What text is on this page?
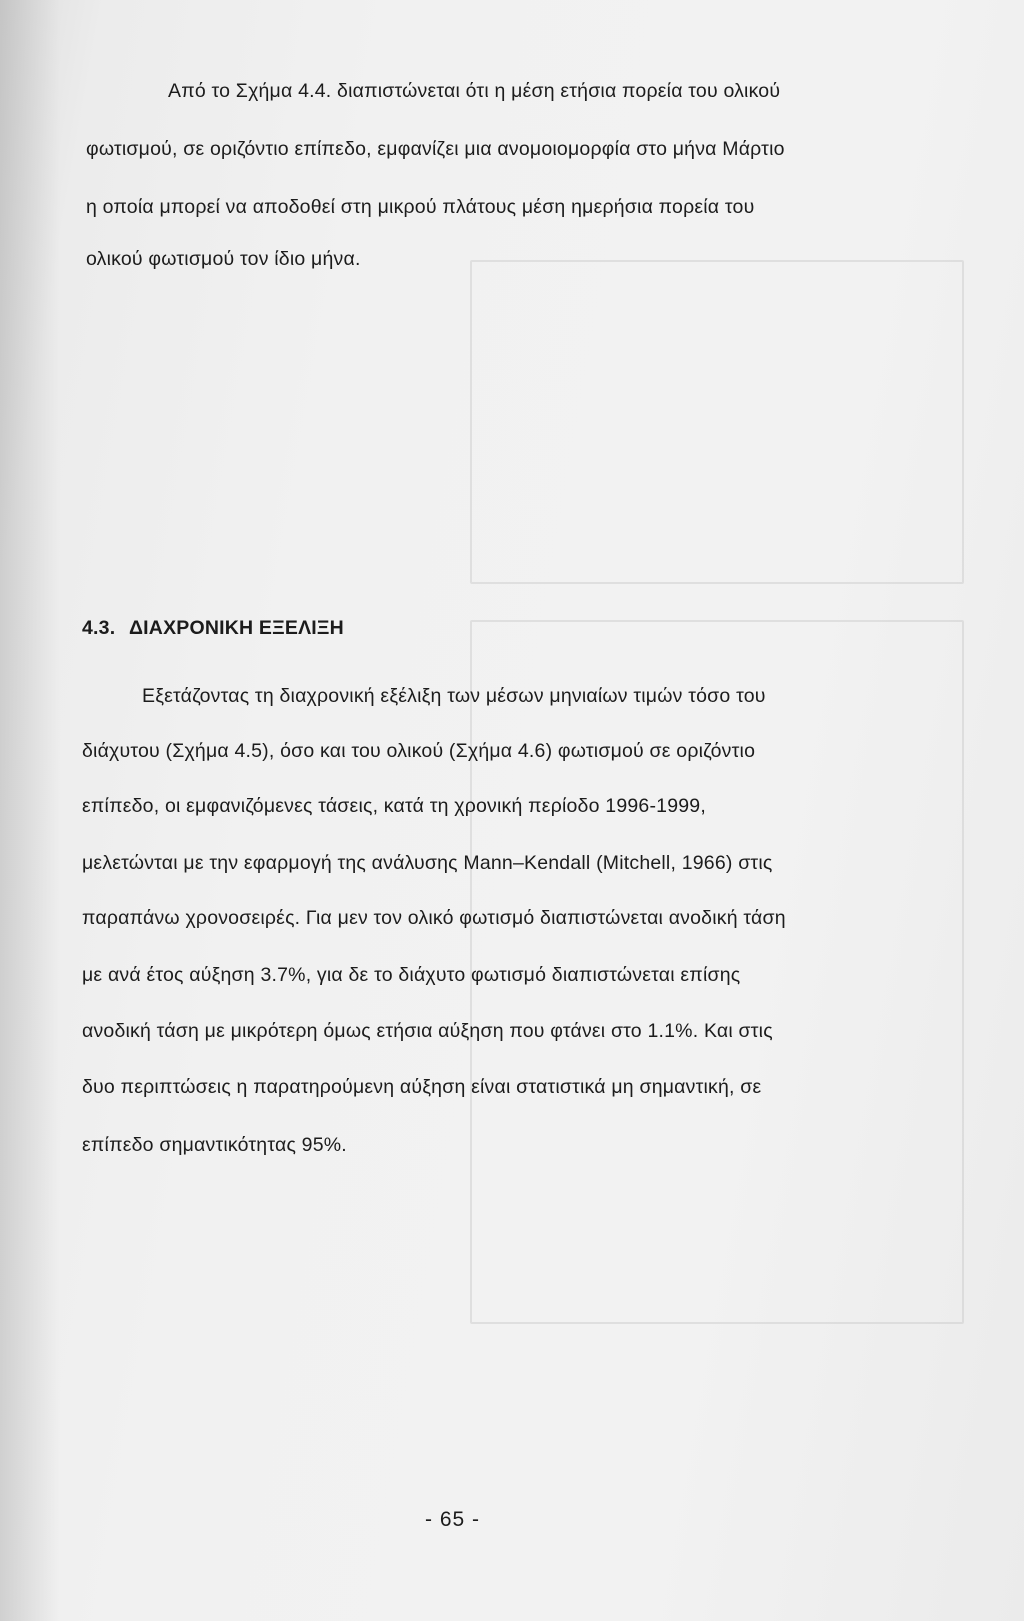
Από το Σχήμα 4.4. διαπιστώνεται ότι η μέση ετήσια πορεία του ολικού
φωτισμού, σε οριζόντιο επίπεδο, εμφανίζει μια ανομοιομορφία στο μήνα Μάρτιο
η οποία μπορεί να αποδοθεί στη μικρού πλάτους μέση ημερήσια πορεία του
ολικού φωτισμού τον ίδιο μήνα.
4.3. ΔΙΑΧΡΟΝΙΚΗ ΕΞΕΛΙΞΗ
Εξετάζοντας τη διαχρονική εξέλιξη των μέσων μηνιαίων τιμών τόσο του
διάχυτου (Σχήμα 4.5), όσο και του ολικού (Σχήμα 4.6) φωτισμού σε οριζόντιο
επίπεδο, οι εμφανιζόμενες τάσεις, κατά τη χρονική περίοδο 1996-1999,
μελετώνται με την εφαρμογή της ανάλυσης Mann–Kendall (Mitchell, 1966) στις
παραπάνω χρονοσειρές. Για μεν τον ολικό φωτισμό διαπιστώνεται ανοδική τάση
με ανά έτος αύξηση 3.7%, για δε το διάχυτο φωτισμό διαπιστώνεται επίσης
ανοδική τάση με μικρότερη όμως ετήσια αύξηση που φτάνει στο 1.1%. Και στις
δυο περιπτώσεις η παρατηρούμενη αύξηση είναι στατιστικά μη σημαντική, σε
επίπεδο σημαντικότητας 95%.
- 65 -
